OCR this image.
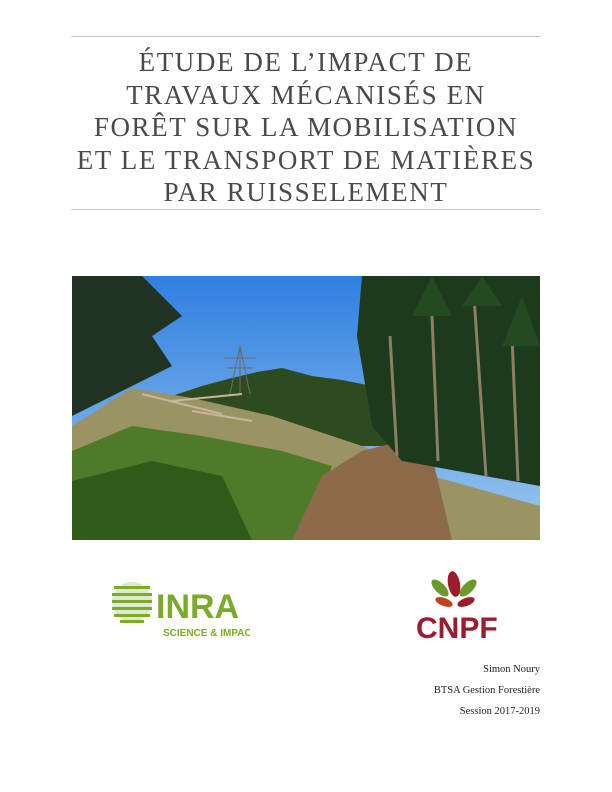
ÉTUDE DE L’IMPACT DE
TRAVAUX MÉCANISÉS EN
FORÊT SUR LA MOBILISATION
ET LE TRANSPORT DE MATIÈRES
PAR RUISSELEMENT
INRA
SCIENCE & IMPACT	CNPF
Simon Noury
BTSA Gestion Forestière
Session 2017-2019
